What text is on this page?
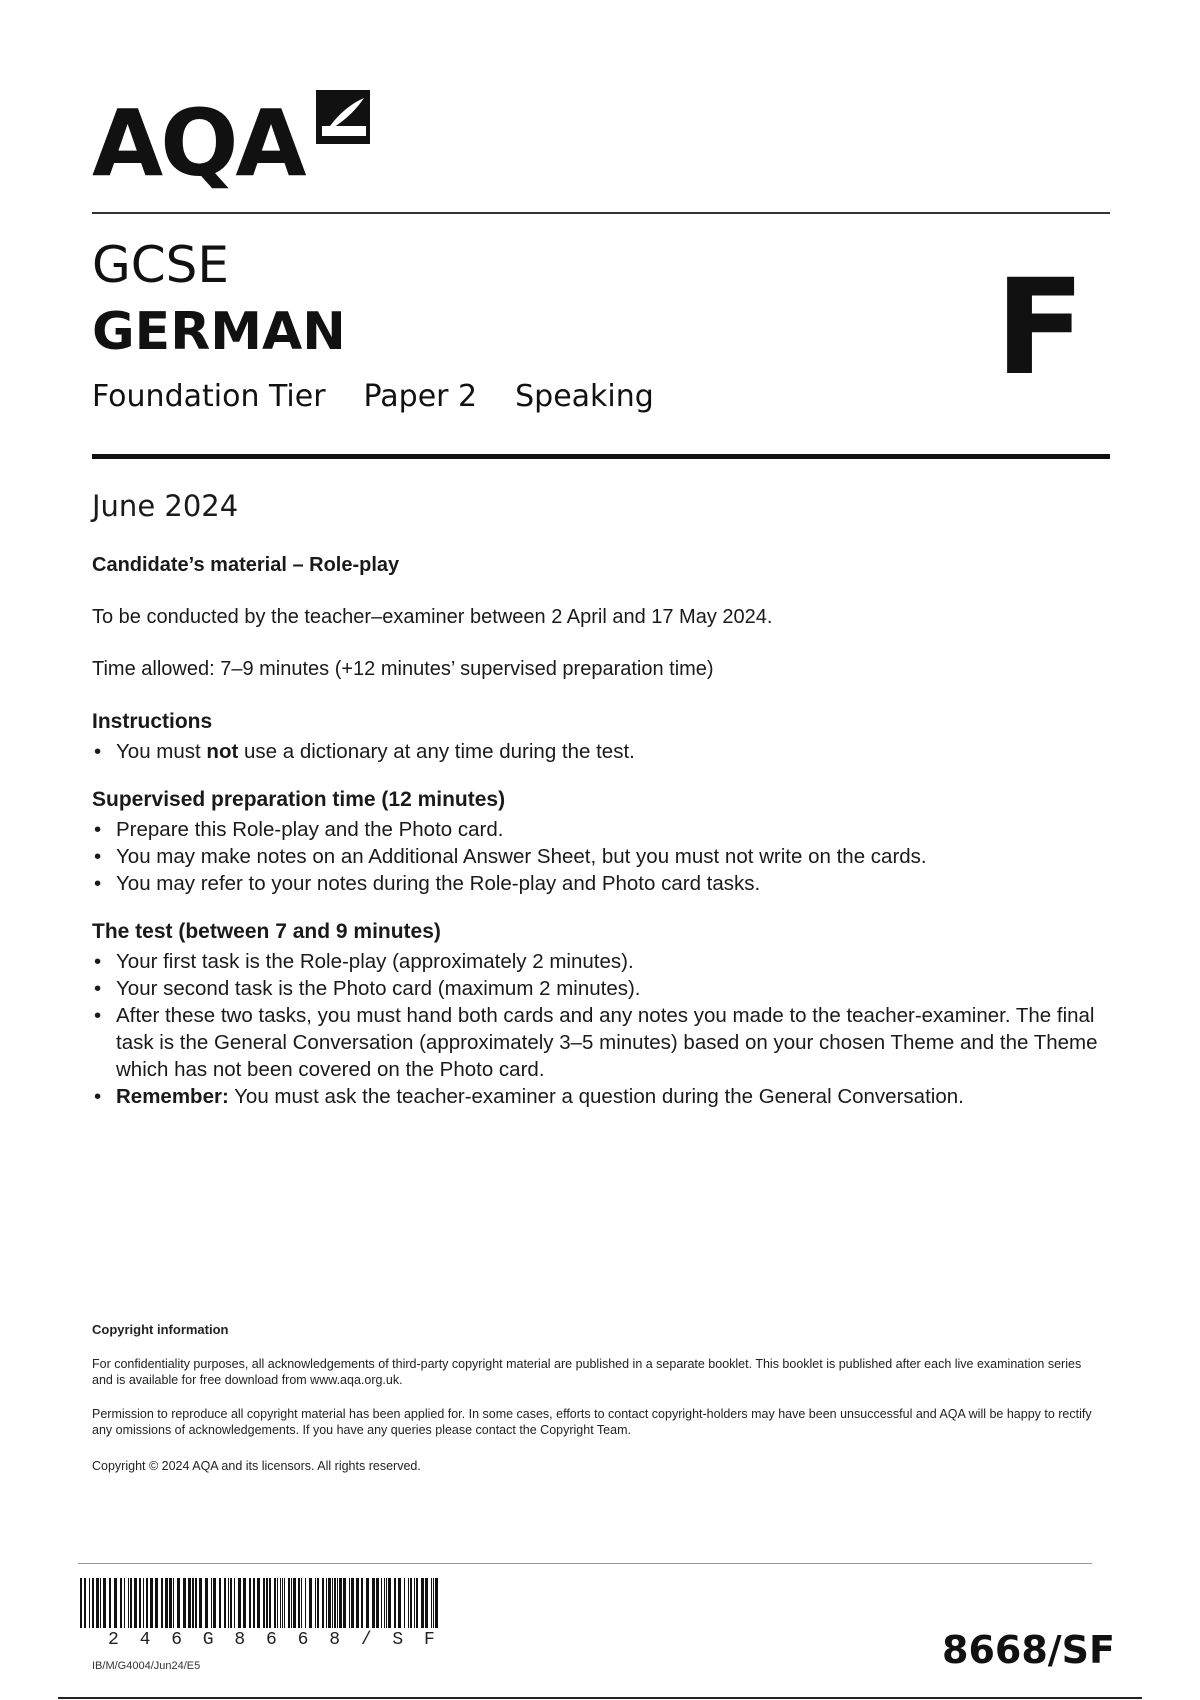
AQA
GCSE
GERMAN
Foundation Tier Paper 2 Speaking	F
June 2024
Candidate’s material – Role-play
To be conducted by the teacher–examiner between 2 April and 17 May 2024.
Time allowed: 7–9 minutes (+12 minutes’ supervised preparation time)
Instructions
• You must not use a dictionary at any time during the test.
Supervised preparation time (12 minutes)
• Prepare this Role-play and the Photo card.
• You may make notes on an Additional Answer Sheet, but you must not write on the cards.
• You may refer to your notes during the Role-play and Photo card tasks.
The test (between 7 and 9 minutes)
• Your first task is the Role-play (approximately 2 minutes).
• Your second task is the Photo card (maximum 2 minutes).
• After these two tasks, you must hand both cards and any notes you made to the teacher-examiner. The final task is the General Conversation (approximately 3–5 minutes) based on your chosen Theme and the Theme which has not been covered on the Photo card.
• Remember: You must ask the teacher-examiner a question during the General Conversation.
Copyright information
For confidentiality purposes, all acknowledgements of third-party copyright material are published in a separate booklet. This booklet is published after each live examination series and is available for free download from www.aqa.org.uk.
Permission to reproduce all copyright material has been applied for. In some cases, efforts to contact copyright-holders may have been unsuccessful and AQA will be happy to rectify any omissions of acknowledgements. If you have any queries please contact the Copyright Team.
Copyright © 2024 AQA and its licensors. All rights reserved.
2 4 6 G 8 6 6 8 / S F
IB/M/G4004/Jun24/E5	8668/SF
